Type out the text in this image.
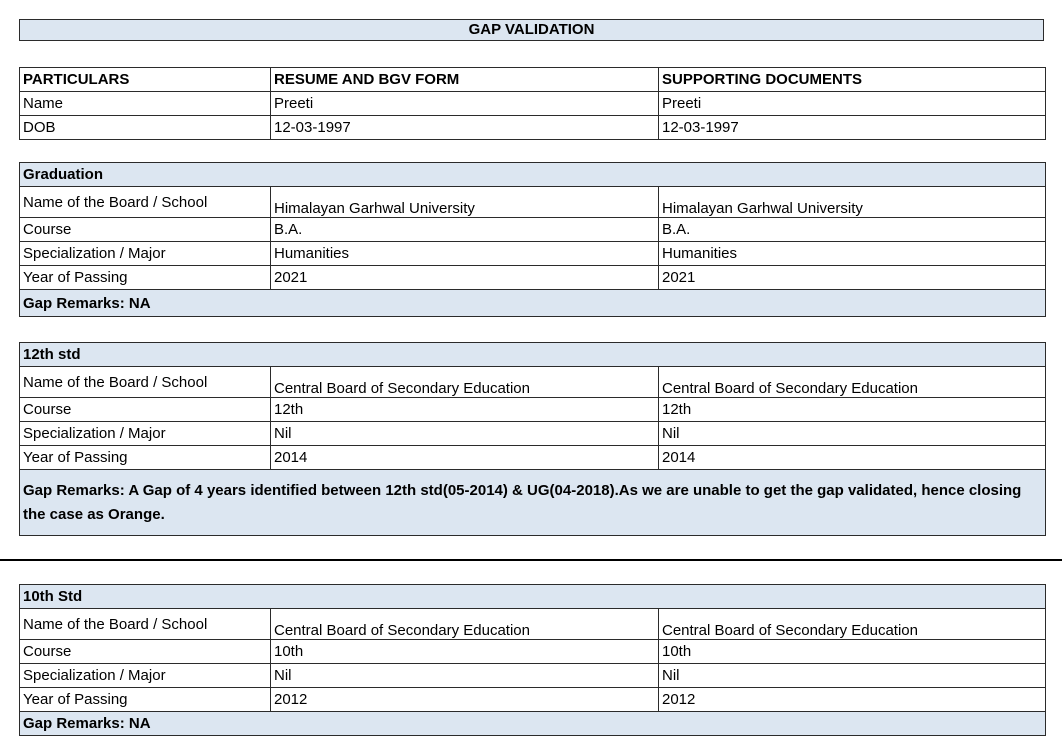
GAP VALIDATION
PARTICULARS	RESUME AND BGV FORM	SUPPORTING DOCUMENTS
Name	Preeti	Preeti
DOB	12-03-1997	12-03-1997
Graduation		
Name of the Board / School	Himalayan Garhwal University	Himalayan Garhwal University
Course	B.A.	B.A.
Specialization / Major	Humanities	Humanities
Year of Passing	2021	2021
Gap Remarks: NA		
12th std		
Name of the Board / School	Central Board of Secondary Education	Central Board of Secondary Education
Course	12th	12th
Specialization / Major	Nil	Nil
Year of Passing	2014	2014
Gap Remarks: A Gap of 4 years identified between 12th std(05-2014) & UG(04-2018).As we are unable to get the gap validated, hence closing the case as Orange.		
10th Std		
Name of the Board / School	Central Board of Secondary Education	Central Board of Secondary Education
Course	10th	10th
Specialization / Major	Nil	Nil
Year of Passing	2012	2012
Gap Remarks: NA		
